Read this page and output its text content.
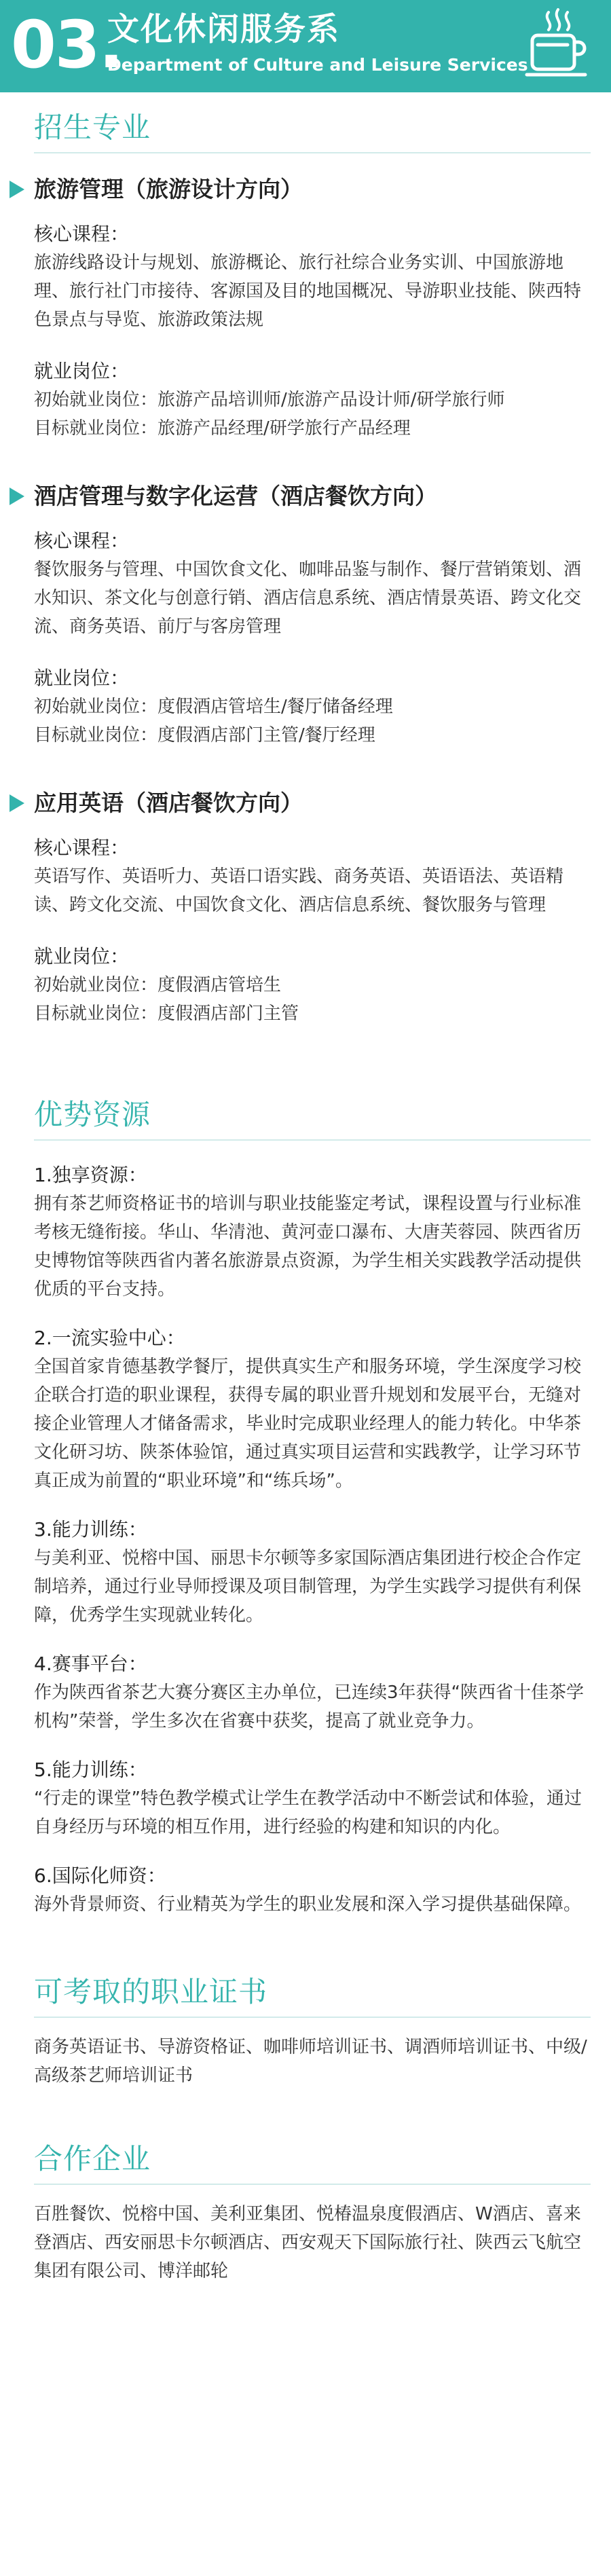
03.
文化休闲服务系
Department of Culture and Leisure Services
招生专业
旅游管理（旅游设计方向）
核心课程：
旅游线路设计与规划、旅游概论、旅行社综合业务实训、中国旅游地理、旅行社门市接待、客源国及目的地国概况、导游职业技能、陕西特色景点与导览、旅游政策法规
就业岗位：
初始就业岗位：旅游产品培训师/旅游产品设计师/研学旅行师
目标就业岗位：旅游产品经理/研学旅行产品经理
酒店管理与数字化运营（酒店餐饮方向）
核心课程：
餐饮服务与管理、中国饮食文化、咖啡品鉴与制作、餐厅营销策划、酒水知识、茶文化与创意行销、酒店信息系统、酒店情景英语、跨文化交流、商务英语、前厅与客房管理
就业岗位：
初始就业岗位：度假酒店管培生/餐厅储备经理
目标就业岗位：度假酒店部门主管/餐厅经理
应用英语（酒店餐饮方向）
核心课程：
英语写作、英语听力、英语口语实践、商务英语、英语语法、英语精读、跨文化交流、中国饮食文化、酒店信息系统、餐饮服务与管理
就业岗位：
初始就业岗位：度假酒店管培生
目标就业岗位：度假酒店部门主管
优势资源
1.独享资源：
拥有茶艺师资格证书的培训与职业技能鉴定考试，课程设置与行业标准考核无缝衔接。华山、华清池、黄河壶口瀑布、大唐芙蓉园、陕西省历史博物馆等陕西省内著名旅游景点资源，为学生相关实践教学活动提供优质的平台支持。
2.一流实验中心：
全国首家肯德基教学餐厅，提供真实生产和服务环境，学生深度学习校企联合打造的职业课程，获得专属的职业晋升规划和发展平台，无缝对接企业管理人才储备需求，毕业时完成职业经理人的能力转化。中华茶文化研习坊、陕茶体验馆，通过真实项目运营和实践教学，让学习环节真正成为前置的“职业环境”和“练兵场”。
3.能力训练：
与美利亚、悦榕中国、丽思卡尔顿等多家国际酒店集团进行校企合作定制培养，通过行业导师授课及项目制管理，为学生实践学习提供有利保障，优秀学生实现就业转化。
4.赛事平台：
作为陕西省茶艺大赛分赛区主办单位，已连续3年获得“陕西省十佳茶学机构”荣誉，学生多次在省赛中获奖，提高了就业竞争力。
5.能力训练：
“行走的课堂”特色教学模式让学生在教学活动中不断尝试和体验，通过自身经历与环境的相互作用，进行经验的构建和知识的内化。
6.国际化师资：
海外背景师资、行业精英为学生的职业发展和深入学习提供基础保障。
可考取的职业证书
商务英语证书、导游资格证、咖啡师培训证书、调酒师培训证书、中级/高级茶艺师培训证书
合作企业
百胜餐饮、悦榕中国、美利亚集团、悦椿温泉度假酒店、W酒店、喜来登酒店、西安丽思卡尔顿酒店、西安观天下国际旅行社、陕西云飞航空集团有限公司、博洋邮轮
